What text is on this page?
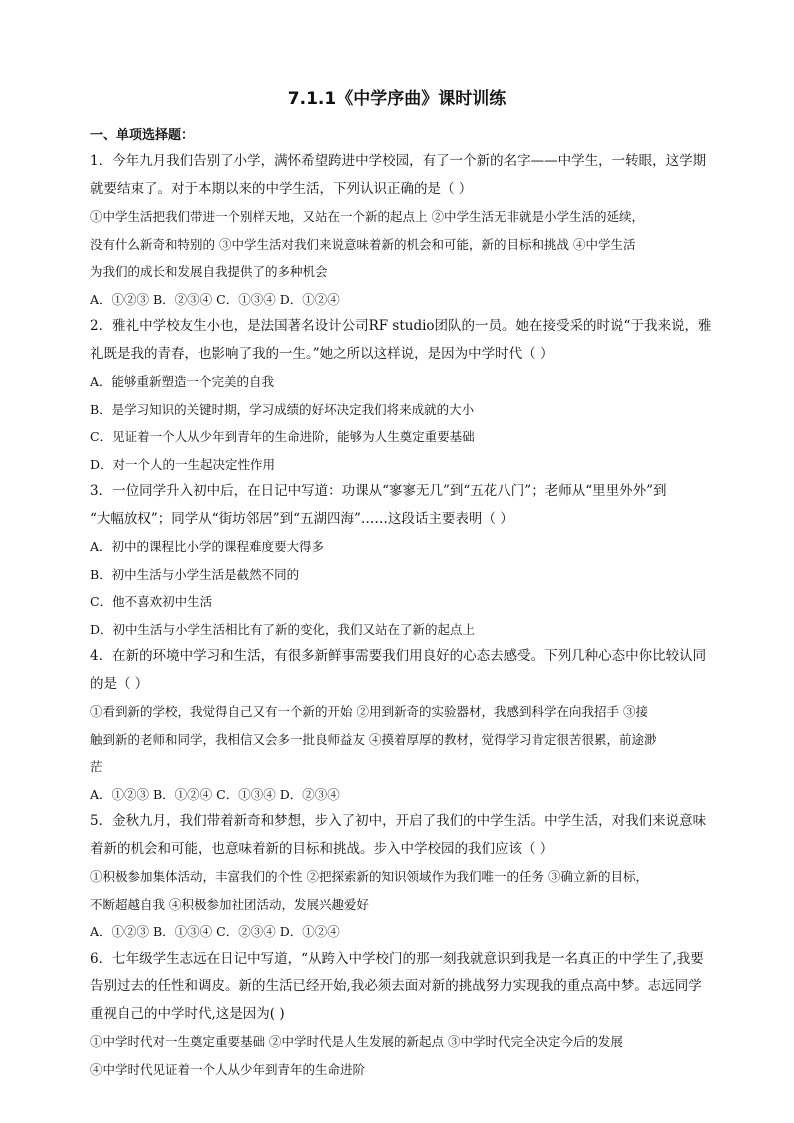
7.1.1《中学序曲》课时训练
一、单项选择题：

1．今年九月我们告别了小学，满怀希望跨进中学校园，有了一个新的名字——中学生，一转眼，这学期

就要结束了。对于本期以来的中学生活，下列认识正确的是（ ）

①中学生活把我们带进一个别样天地，又站在一个新的起点上 ②中学生活无非就是小学生活的延续，

没有什么新奇和特别的 ③中学生活对我们来说意味着新的机会和可能，新的目标和挑战 ④中学生活

为我们的成长和发展自我提供了的多种机会

A．①②③ B．②③④ C．①③④ D．①②④

2．雅礼中学校友生小也，是法国著名设计公司RF studio团队的一员。她在接受采的时说“于我来说，雅

礼既是我的青春，也影响了我的一生。”她之所以这样说，是因为中学时代（ ）

A．能够重新塑造一个完美的自我

B．是学习知识的关键时期，学习成绩的好坏决定我们将来成就的大小

C．见证着一个人从少年到青年的生命进阶，能够为人生奠定重要基础

D．对一个人的一生起决定性作用

3．一位同学升入初中后，在日记中写道：功课从“寥寥无几”到“五花八门”；老师从“里里外外”到

“大幅放权”；同学从“街坊邻居”到“五湖四海”……这段话主要表明（ ）

A．初中的课程比小学的课程难度要大得多

B．初中生活与小学生活是截然不同的

C．他不喜欢初中生活

D．初中生活与小学生活相比有了新的变化，我们又站在了新的起点上

4．在新的环境中学习和生活，有很多新鲜事需要我们用良好的心态去感受。下列几种心态中你比较认同

的是（ ）

①看到新的学校，我觉得自己又有一个新的开始 ②用到新奇的实验器材，我感到科学在向我招手 ③接

触到新的老师和同学，我相信又会多一批良师益友 ④摸着厚厚的教材，觉得学习肯定很苦很累，前途渺

茫

A．①②③ B．①②④ C．①③④ D．②③④

5．金秋九月，我们带着新奇和梦想，步入了初中，开启了我们的中学生活。中学生活，对我们来说意味

着新的机会和可能，也意味着新的目标和挑战。步入中学校园的我们应该（ ）

①积极参加集体活动，丰富我们的个性 ②把探索新的知识领域作为我们唯一的任务 ③确立新的目标，

不断超越自我 ④积极参加社团活动，发展兴趣爱好

A．①②③ B．①③④ C．②③④ D．①②④

6．七年级学生志远在日记中写道，“从跨入中学校门的那一刻我就意识到我是一名真正的中学生了,我要

告别过去的任性和调皮。新的生活已经开始,我必须去面对新的挑战努力实现我的重点高中梦。志远同学

重视自己的中学时代,这是因为( )

①中学时代对一生奠定重要基础 ②中学时代是人生发展的新起点 ③中学时代完全决定今后的发展

④中学时代见证着一个人从少年到青年的生命进阶
